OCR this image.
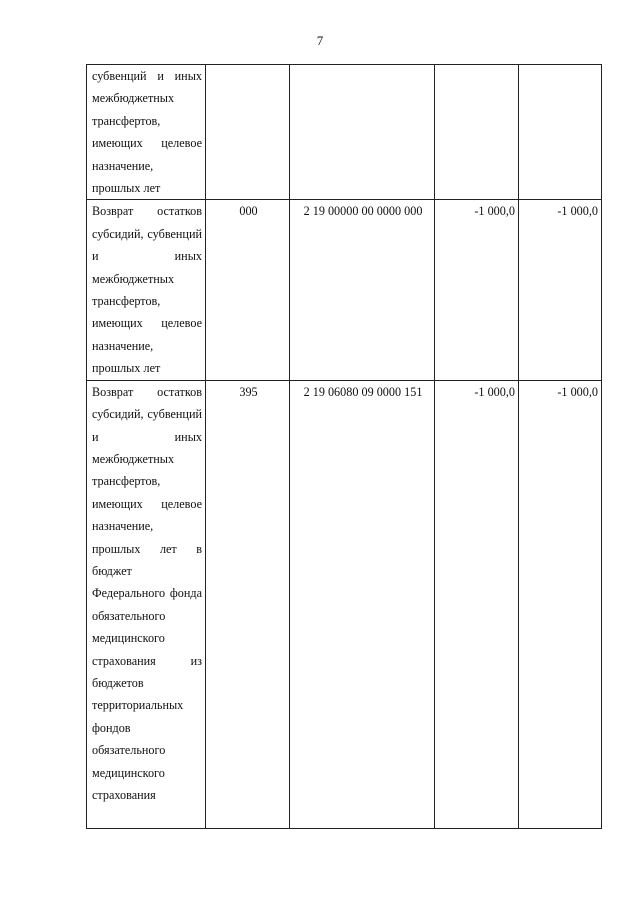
7
субвенций и иных межбюджетных трансфертов, имеющих целевое назначение, прошлых лет				
Возврат остатков субсидий, субвенций и иных межбюджетных трансфертов, имеющих целевое назначение, прошлых лет	000	2 19 00000 00 0000 000	-1 000,0	-1 000,0
Возврат остатков субсидий, субвенций и иных межбюджетных трансфертов, имеющих целевое назначение, прошлых лет в бюджет Федерального фонда обязательного медицинского страхования из бюджетов территориальных фондов обязательного медицинского страхования	395	2 19 06080 09 0000 151	-1 000,0	-1 000,0
